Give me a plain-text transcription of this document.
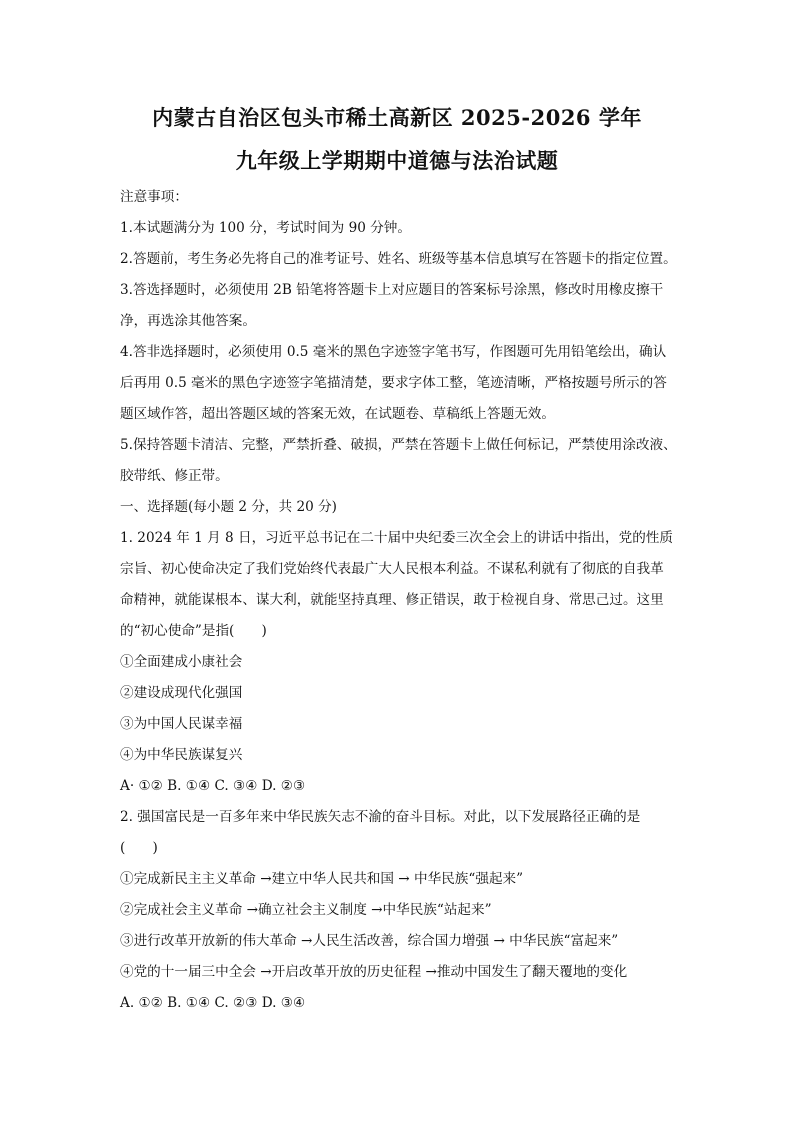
内蒙古自治区包头市稀土高新区 2025-2026 学年
九年级上学期期中道德与法治试题
注意事项：
1.本试题满分为 100 分，考试时间为 90 分钟。
2.答题前，考生务必先将自己的准考证号、姓名、班级等基本信息填写在答题卡的指定位置。
3.答选择题时，必须使用 2B 铅笔将答题卡上对应题目的答案标号涂黑，修改时用橡皮擦干
净，再选涂其他答案。
4.答非选择题时，必须使用 0.5 毫米的黑色字迹签字笔书写，作图题可先用铅笔绘出，确认
后再用 0.5 毫米的黑色字迹签字笔描清楚，要求字体工整，笔迹清晰，严格按题号所示的答
题区域作答，超出答题区域的答案无效，在试题卷、草稿纸上答题无效。
5.保持答题卡清洁、完整，严禁折叠、破损，严禁在答题卡上做任何标记，严禁使用涂改液、
胶带纸、修正带。
一、选择题(每小题 2 分，共 20 分)
1. 2024 年 1 月 8 日，习近平总书记在二十届中央纪委三次全会上的讲话中指出，党的性质
宗旨、初心使命决定了我们党始终代表最广大人民根本利益。不谋私利就有了彻底的自我革
命精神，就能谋根本、谋大利，就能坚持真理、修正错误，敢于检视自身、常思己过。这里
的“初心使命”是指(　　)
①全面建成小康社会
②建设成现代化强国
③为中国人民谋幸福
④为中华民族谋复兴
A· ①② B. ①④ C. ③④ D. ②③
2. 强国富民是一百多年来中华民族矢志不渝的奋斗目标。对此，以下发展路径正确的是
(　　)
①完成新民主主义革命 →建立中华人民共和国 → 中华民族“强起来”
②完成社会主义革命 →确立社会主义制度 →中华民族“站起来”
③进行改革开放新的伟大革命 →人民生活改善，综合国力增强 → 中华民族“富起来”
④党的十一届三中全会 →开启改革开放的历史征程 →推动中国发生了翻天覆地的变化
A. ①② B. ①④ C. ②③ D. ③④
